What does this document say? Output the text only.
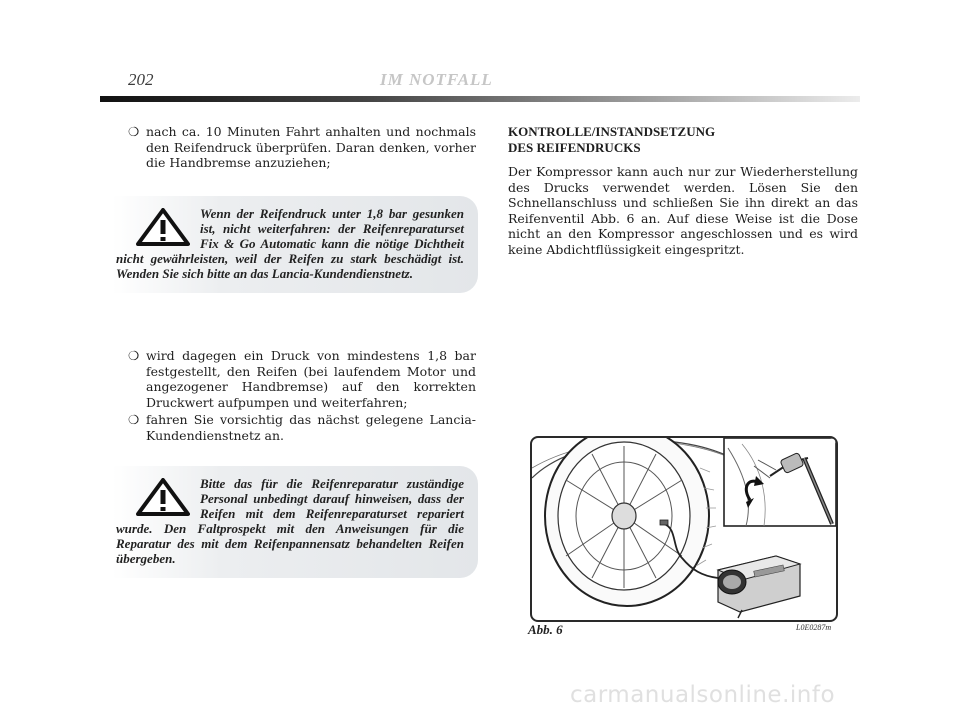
202	IM NOTFALL
❍ nach ca. 10 Minuten Fahrt anhalten und nochmals den Reifendruck überprüfen. Daran denken, vorher die Handbremse anzuziehen;

Wenn der Reifendruck unter 1,8 bar gesunken ist, nicht weiterfahren: der Reifenreparaturset Fix & Go Automatic kann die nötige Dichtheit nicht gewährleisten, weil der Reifen zu stark beschädigt ist. Wenden Sie sich bitte an das Lancia-Kundendienstnetz.

❍ wird dagegen ein Druck von mindestens 1,8 bar festgestellt, den Reifen (bei laufendem Motor und angezogener Handbremse) auf den korrekten Druckwert aufpumpen und weiterfahren;
❍ fahren Sie vorsichtig das nächst gelegene Lancia-Kundendienstnetz an.

Bitte das für die Reifenreparatur zuständige Personal unbedingt darauf hinweisen, dass der Reifen mit dem Reifenreparaturset repariert wurde. Den Faltprospekt mit den Anweisungen für die Reparatur des mit dem Reifenpannensatz behandelten Reifen übergeben.

KONTROLLE/INSTANDSETZUNG
DES REIFENDRUCKS

Der Kompressor kann auch nur zur Wiederherstellung des Drucks verwendet werden. Lösen Sie den Schnellanschluss und schließen Sie ihn direkt an das Reifenventil Abb. 6 an. Auf diese Weise ist die Dose nicht an den Kompressor angeschlossen und es wird keine Abdichtflüssigkeit eingespritzt.

Abb. 6	L0E0287m
carmanualsonline.info
